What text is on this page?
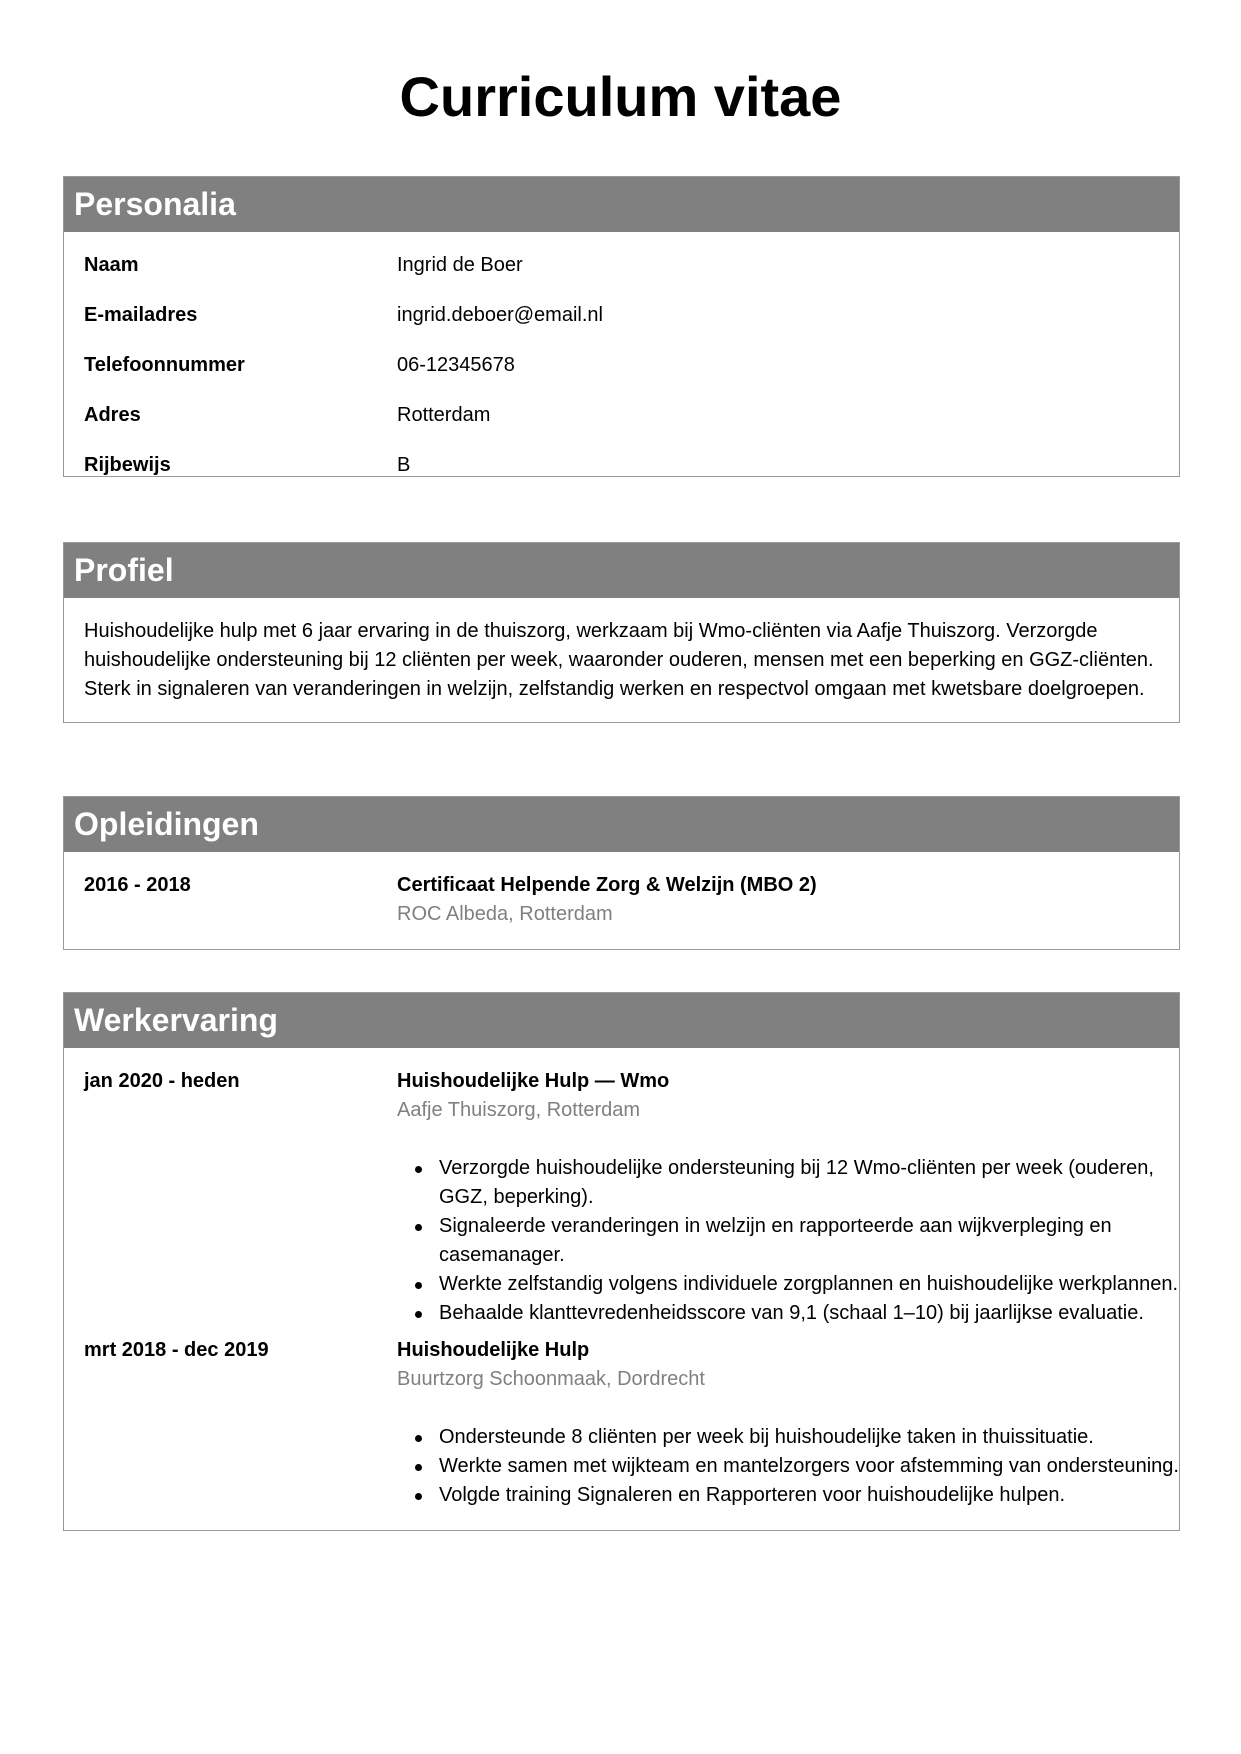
Curriculum vitae
Personalia
Naam	Ingrid de Boer
E-mailadres	ingrid.deboer@email.nl
Telefoonnummer	06-12345678
Adres	Rotterdam
Rijbewijs	B
Profiel

Huishoudelijke hulp met 6 jaar ervaring in de thuiszorg, werkzaam bij Wmo-cliënten via Aafje Thuiszorg. Verzorgde huishoudelijke ondersteuning bij 12 cliënten per week, waaronder ouderen, mensen met een beperking en GGZ-cliënten. Sterk in signaleren van veranderingen in welzijn, zelfstandig werken en respectvol omgaan met kwetsbare doelgroepen.

Opleidingen
2016 - 2018	Certificaat Helpende Zorg & Welzijn (MBO 2)
ROC Albeda, Rotterdam
Werkervaring
jan 2020 - heden	Huishoudelijke Hulp — Wmo
Aafje Thuiszorg, Rotterdam
Verzorgde huishoudelijke ondersteuning bij 12 Wmo-cliënten per week (ouderen, GGZ, beperking).
Signaleerde veranderingen in welzijn en rapporteerde aan wijkverpleging en casemanager.
Werkte zelfstandig volgens individuele zorgplannen en huishoudelijke werkplannen.
Behaalde klanttevredenheidsscore van 9,1 (schaal 1–10) bij jaarlijkse evaluatie.
mrt 2018 - dec 2019	Huishoudelijke Hulp
Buurtzorg Schoonmaak, Dordrecht
Ondersteunde 8 cliënten per week bij huishoudelijke taken in thuissituatie.
Werkte samen met wijkteam en mantelzorgers voor afstemming van ondersteuning.
Volgde training Signaleren en Rapporteren voor huishoudelijke hulpen.
